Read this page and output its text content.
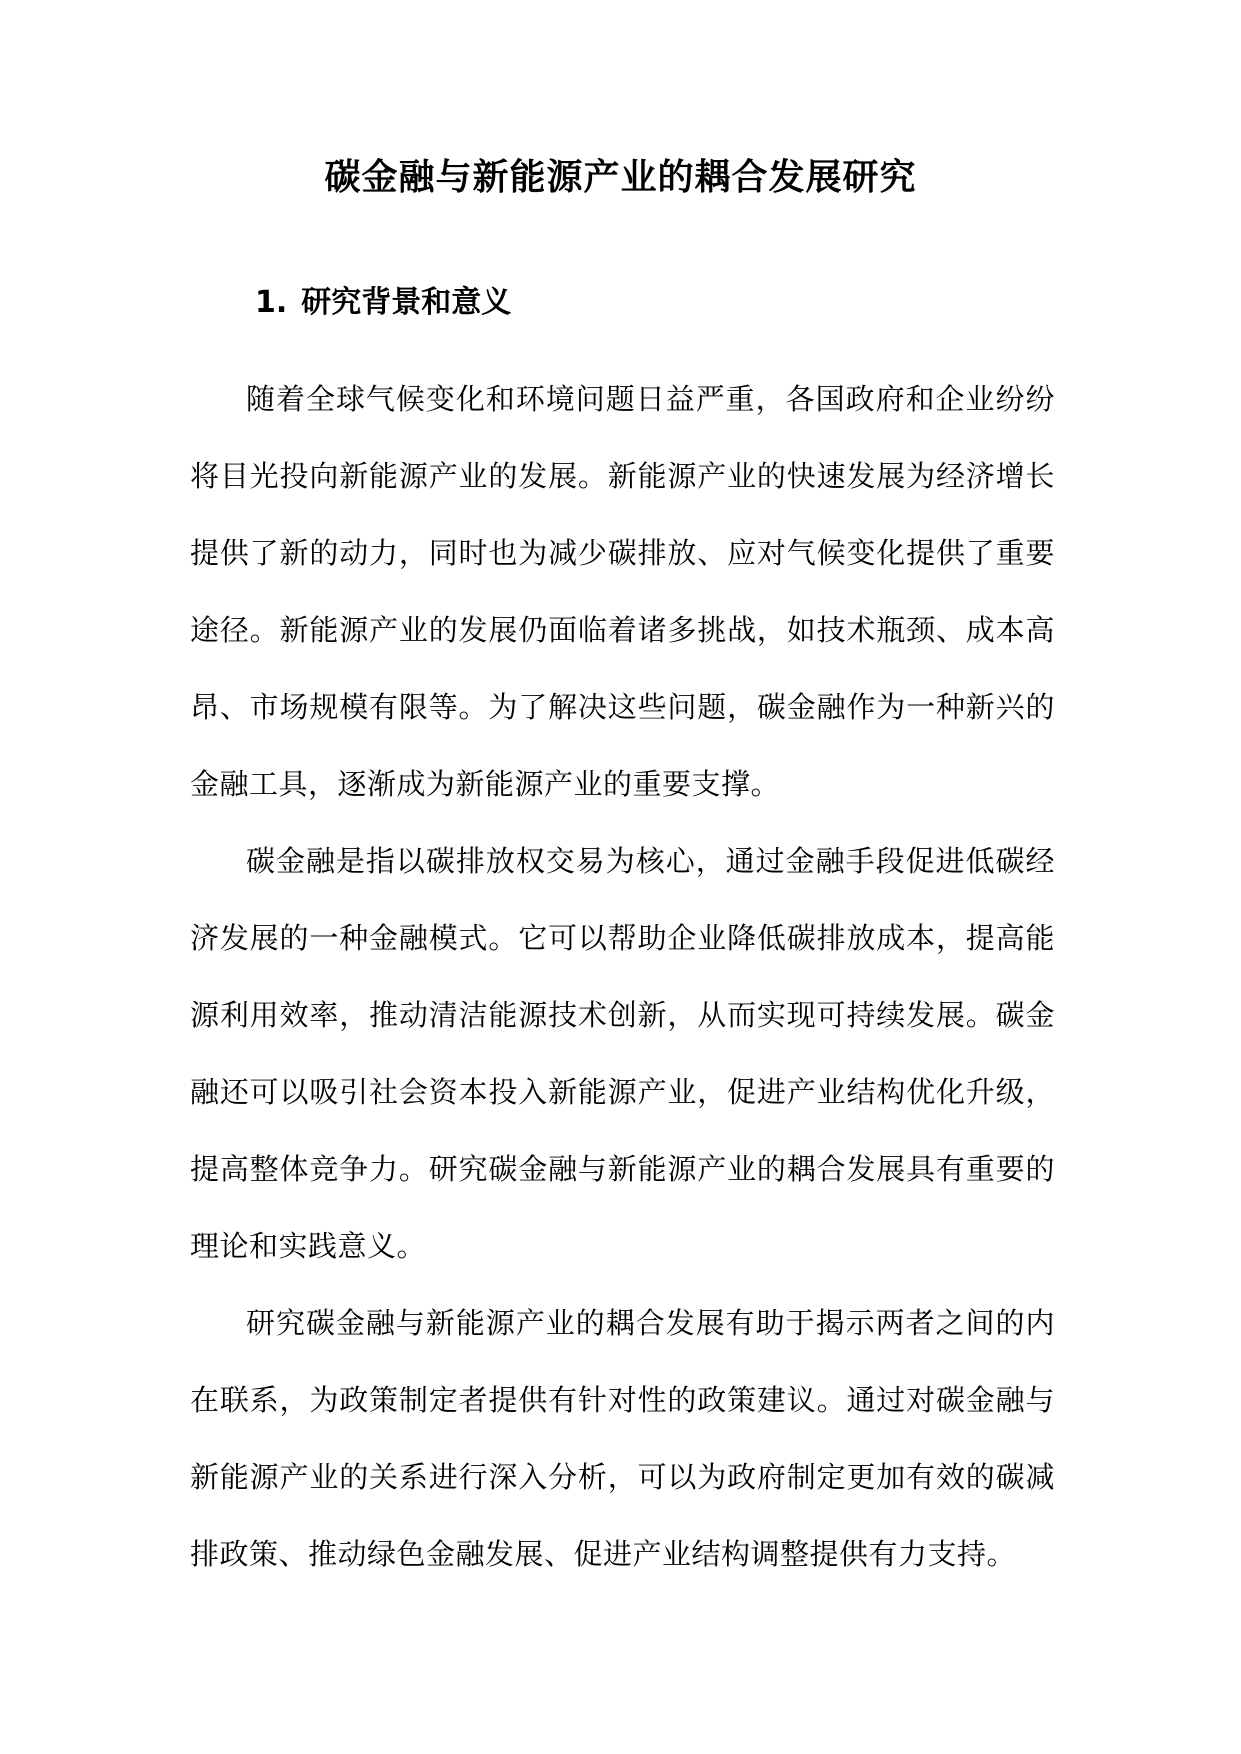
碳金融与新能源产业的耦合发展研究
1. 研究背景和意义

随着全球气候变化和环境问题日益严重，各国政府和企业纷纷将目光投向新能源产业的发展。新能源产业的快速发展为经济增长提供了新的动力，同时也为减少碳排放、应对气候变化提供了重要途径。新能源产业的发展仍面临着诸多挑战，如技术瓶颈、成本高昂、市场规模有限等。为了解决这些问题，碳金融作为一种新兴的金融工具，逐渐成为新能源产业的重要支撑。

碳金融是指以碳排放权交易为核心，通过金融手段促进低碳经济发展的一种金融模式。它可以帮助企业降低碳排放成本，提高能源利用效率，推动清洁能源技术创新，从而实现可持续发展。碳金融还可以吸引社会资本投入新能源产业，促进产业结构优化升级，提高整体竞争力。研究碳金融与新能源产业的耦合发展具有重要的理论和实践意义。

研究碳金融与新能源产业的耦合发展有助于揭示两者之间的内在联系，为政策制定者提供有针对性的政策建议。通过对碳金融与新能源产业的关系进行深入分析，可以为政府制定更加有效的碳减排政策、推动绿色金融发展、促进产业结构调整提供有力支持。
